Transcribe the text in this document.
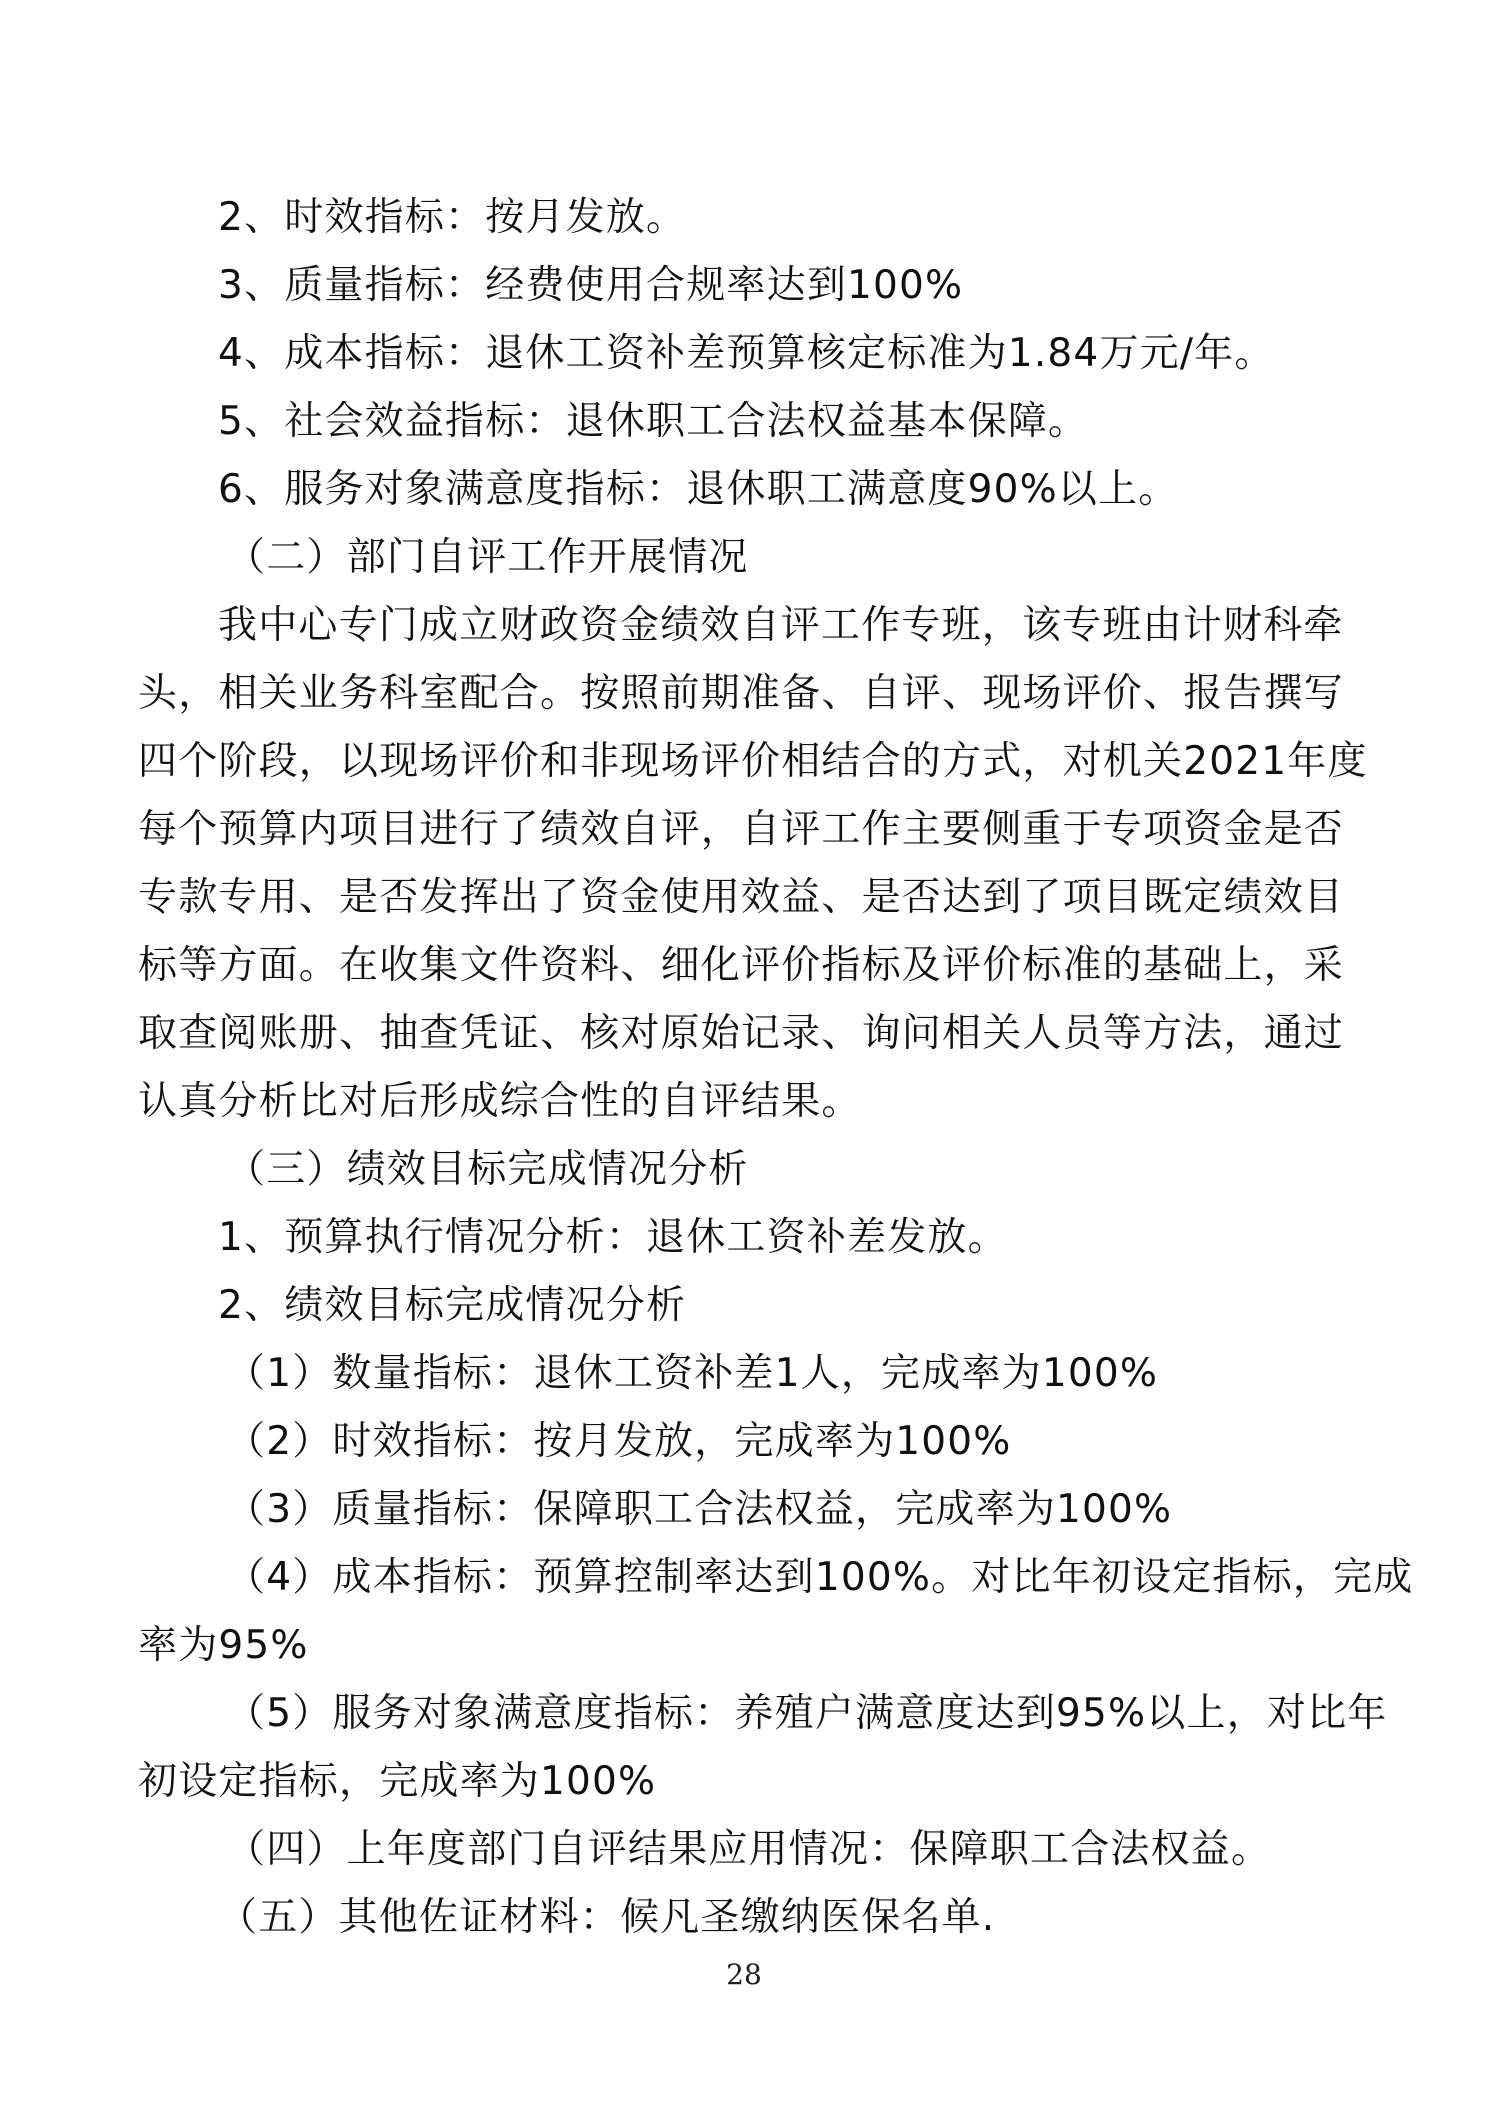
2、时效指标：按月发放。

3、质量指标：经费使用合规率达到100%

4、成本指标：退休工资补差预算核定标准为1.84万元/年。

5、社会效益指标：退休职工合法权益基本保障。

6、服务对象满意度指标：退休职工满意度90%以上。

（二）部门自评工作开展情况

我中心专门成立财政资金绩效自评工作专班，该专班由计财科牵

头，相关业务科室配合。按照前期准备、自评、现场评价、报告撰写

四个阶段，以现场评价和非现场评价相结合的方式，对机关2021年度

每个预算内项目进行了绩效自评，自评工作主要侧重于专项资金是否

专款专用、是否发挥出了资金使用效益、是否达到了项目既定绩效目

标等方面。在收集文件资料、细化评价指标及评价标准的基础上，采

取查阅账册、抽查凭证、核对原始记录、询问相关人员等方法，通过

认真分析比对后形成综合性的自评结果。

（三）绩效目标完成情况分析

1、预算执行情况分析：退休工资补差发放。

2、绩效目标完成情况分析

（1）数量指标：退休工资补差1人，完成率为100%

（2）时效指标：按月发放，完成率为100%

（3）质量指标：保障职工合法权益，完成率为100%

（4）成本指标：预算控制率达到100%。对比年初设定指标，完成

率为95%

（5）服务对象满意度指标：养殖户满意度达到95%以上，对比年

初设定指标，完成率为100%

（四）上年度部门自评结果应用情况：保障职工合法权益。

（五）其他佐证材料：候凡圣缴纳医保名单.

28
